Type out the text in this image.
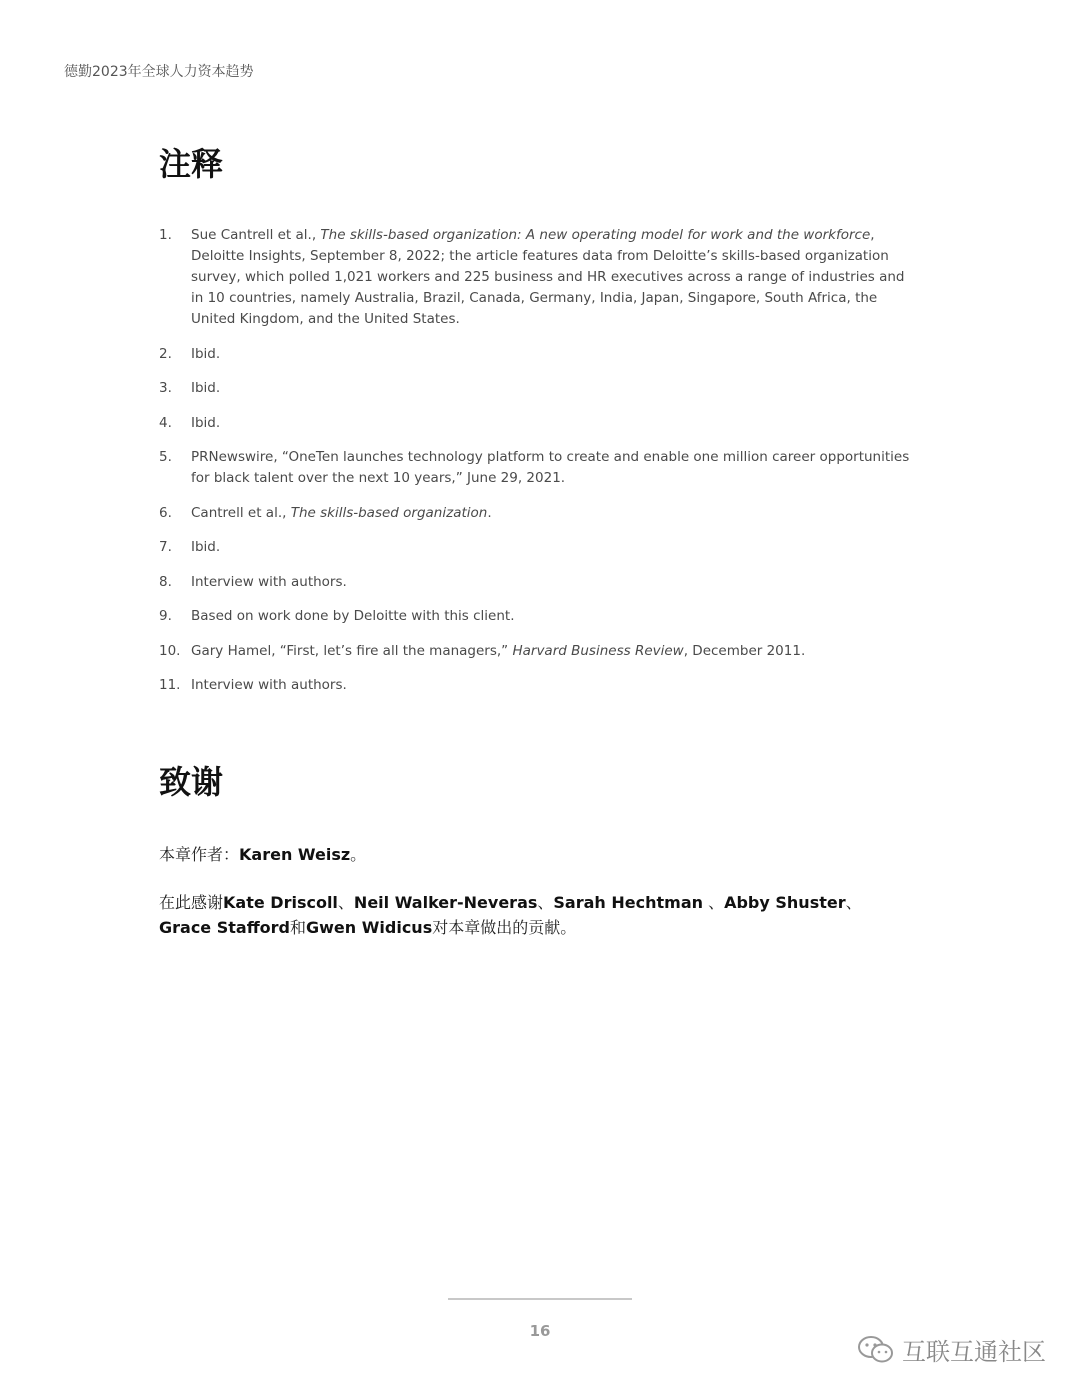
德勤2023年全球人力资本趋势
注释
1.	Sue Cantrell et al., The skills-based organization: A new operating model for work and the workforce, Deloitte Insights, September 8, 2022; the article features data from Deloitte’s skills-based organization survey, which polled 1,021 workers and 225 business and HR executives across a range of industries and in 10 countries, namely Australia, Brazil, Canada, Germany, India, Japan, Singapore, South Africa, the United Kingdom, and the United States.
2.	Ibid.
3.	Ibid.
4.	Ibid.
5.	PRNewswire, “OneTen launches technology platform to create and enable one million career opportunities for black talent over the next 10 years,” June 29, 2021.
6.	Cantrell et al., The skills-based organization.
7.	Ibid.
8.	Interview with authors.
9.	Based on work done by Deloitte with this client.
10. Gary Hamel, “First, let’s fire all the managers,” Harvard Business Review, December 2011.
11. Interview with authors.
致谢

本章作者：Karen Weisz。

在此感谢Kate Driscoll、Neil Walker-Neveras、Sarah Hechtman 、Abby Shuster、Grace Stafford和Gwen Widicus对本章做出的贡献。

16
互联互通社区
